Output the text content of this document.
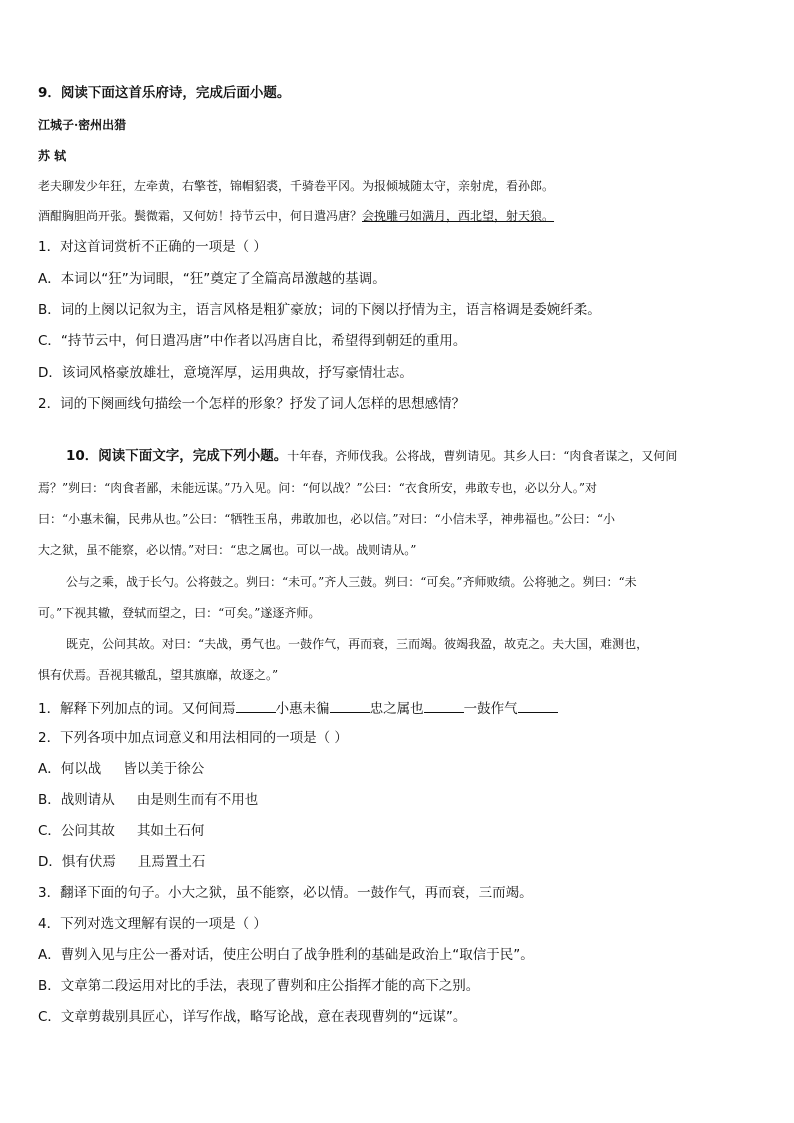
9．阅读下面这首乐府诗，完成后面小题。
江城子·密州出猎
苏 轼
老夫聊发少年狂，左牵黄，右擎苍，锦帽貂裘，千骑卷平冈。为报倾城随太守，亲射虎，看孙郎。
酒酣胸胆尚开张。鬓微霜，又何妨！持节云中，何日遣冯唐？会挽雕弓如满月，西北望，射天狼。
1．对这首词赏析不正确的一项是（ ）
A．本词以“狂”为词眼，“狂”奠定了全篇高昂激越的基调。
B．词的上阕以记叙为主，语言风格是粗犷豪放；词的下阕以抒情为主，语言格调是委婉纤柔。
C．“持节云中，何日遣冯唐”中作者以冯唐自比，希望得到朝廷的重用。
D．该词风格豪放雄壮，意境浑厚，运用典故，抒写豪情壮志。
2．词的下阕画线句描绘一个怎样的形象？抒发了词人怎样的思想感情？
10．阅读下面文字，完成下列小题。十年春，齐师伐我。公将战，曹刿请见。其乡人曰：“肉食者谋之，又何间
焉？”刿曰：“肉食者鄙，未能远谋。”乃入见。问：“何以战？”公曰：“衣食所安，弗敢专也，必以分人。”对
曰：“小惠未徧，民弗从也。”公曰：“牺牲玉帛，弗敢加也，必以信。”对曰：“小信未孚，神弗福也。”公曰：“小
大之狱，虽不能察，必以情。”对曰：“忠之属也。可以一战。战则请从。”
公与之乘，战于长勺。公将鼓之。刿曰：“未可。”齐人三鼓。刿曰：“可矣。”齐师败绩。公将驰之。刿曰：“未
可。”下视其辙，登轼而望之，曰：“可矣。”遂逐齐师。
既克，公问其故。对曰：“夫战，勇气也。一鼓作气，再而衰，三而竭。彼竭我盈，故克之。夫大国，难测也，
惧有伏焉。吾视其辙乱，望其旗靡，故逐之。”
1．解释下列加点的词。又何间焉	小惠未徧	忠之属也	一鼓作气
2．下列各项中加点词意义和用法相同的一项是（ ）
A．何以战 皆以美于徐公
B．战则请从 由是则生而有不用也
C．公问其故 其如土石何
D．惧有伏焉 且焉置土石
3．翻译下面的句子。小大之狱，虽不能察，必以情。一鼓作气，再而衰，三而竭。
4．下列对选文理解有误的一项是（ ）
A．曹刿入见与庄公一番对话，使庄公明白了战争胜利的基础是政治上“取信于民”。
B．文章第二段运用对比的手法，表现了曹刿和庄公指挥才能的高下之别。
C．文章剪裁别具匠心，详写作战，略写论战，意在表现曹刿的“远谋”。
